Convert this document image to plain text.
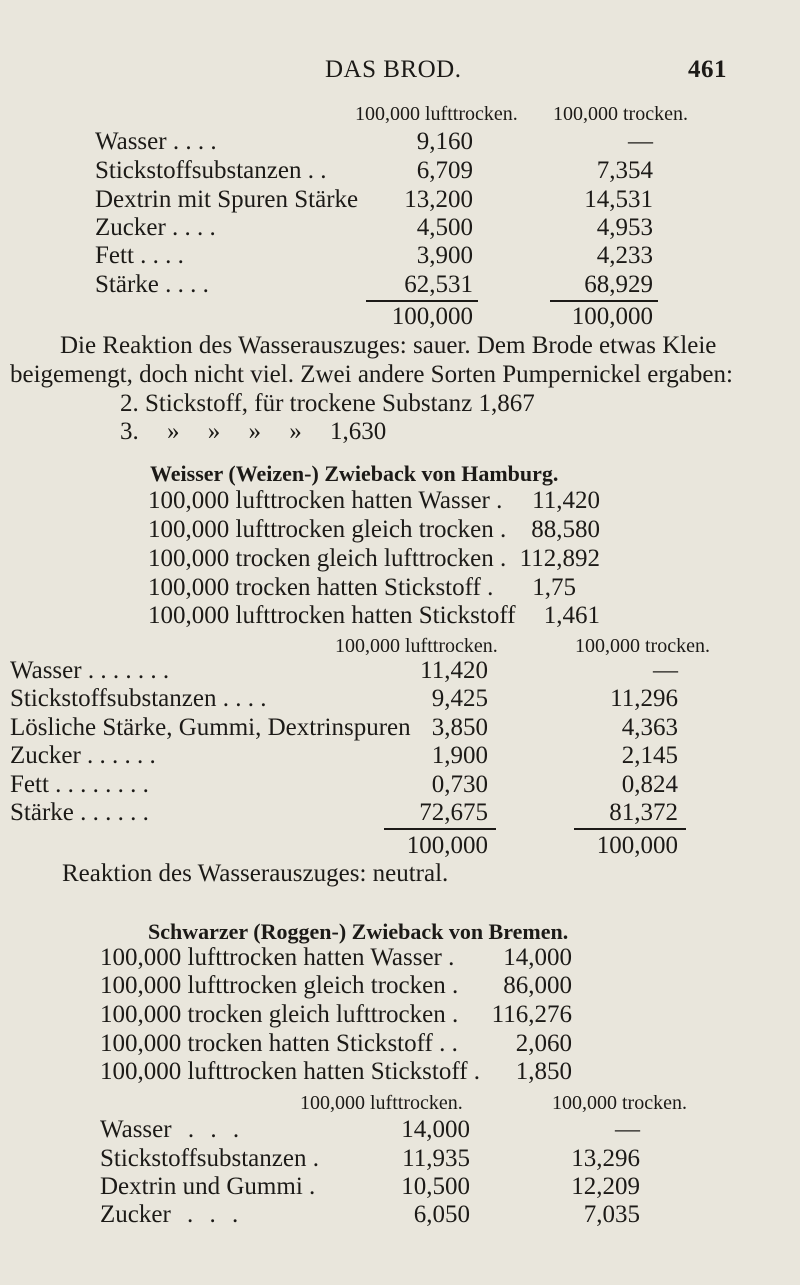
DAS BROD.	461
100,000 lufttrocken. 100,000 trocken.
Wasser . . . .	9,160	—
Stickstoffsubstanzen . .	6,709	7,354
Dextrin mit Spuren Stärke	13,200	14,531
Zucker . . . .	4,500	4,953
Fett . . . .	3,900	4,233
Stärke . . . .	62,531	68,929
100,000	100,000
Die Reaktion des Wasserauszuges: sauer. Dem Brode etwas Kleie
beigemengt, doch nicht viel. Zwei andere Sorten Pumpernickel ergaben:
2. Stickstoff, für trockene Substanz 1,867
3. » » » » 1,630
Weisser (Weizen-) Zwieback von Hamburg.
100,000 lufttrocken hatten Wasser .	11,420
100,000 lufttrocken gleich trocken .	88,580
100,000 trocken gleich lufttrocken . 112,892
100,000 trocken hatten Stickstoff .	1,75
100,000 lufttrocken hatten Stickstoff	1,461
100,000 lufttrocken.	100,000 trocken.
Wasser . . . . . . .	11,420	—
Stickstoffsubstanzen . . . .	9,425	11,296
Lösliche Stärke, Gummi, Dextrinspuren 3,850	4,363
Zucker . . . . . .	1,900	2,145
Fett . . . . . . . .	0,730	0,824
Stärke . . . . . .	72,675	81,372
100,000	100,000
Reaktion des Wasserauszuges: neutral.
Schwarzer (Roggen-) Zwieback von Bremen.
100,000 lufttrocken hatten Wasser .	14,000
100,000 lufttrocken gleich trocken .	86,000
100,000 trocken gleich lufttrocken .	116,276
100,000 trocken hatten Stickstoff . .	2,060
100,000 lufttrocken hatten Stickstoff .	1,850
100,000 lufttrocken.	100,000 trocken.
Wasser . . .	14,000	—
Stickstoffsubstanzen .	11,935	13,296
Dextrin und Gummi .	10,500	12,209
Zucker . . .	6,050	7,035
